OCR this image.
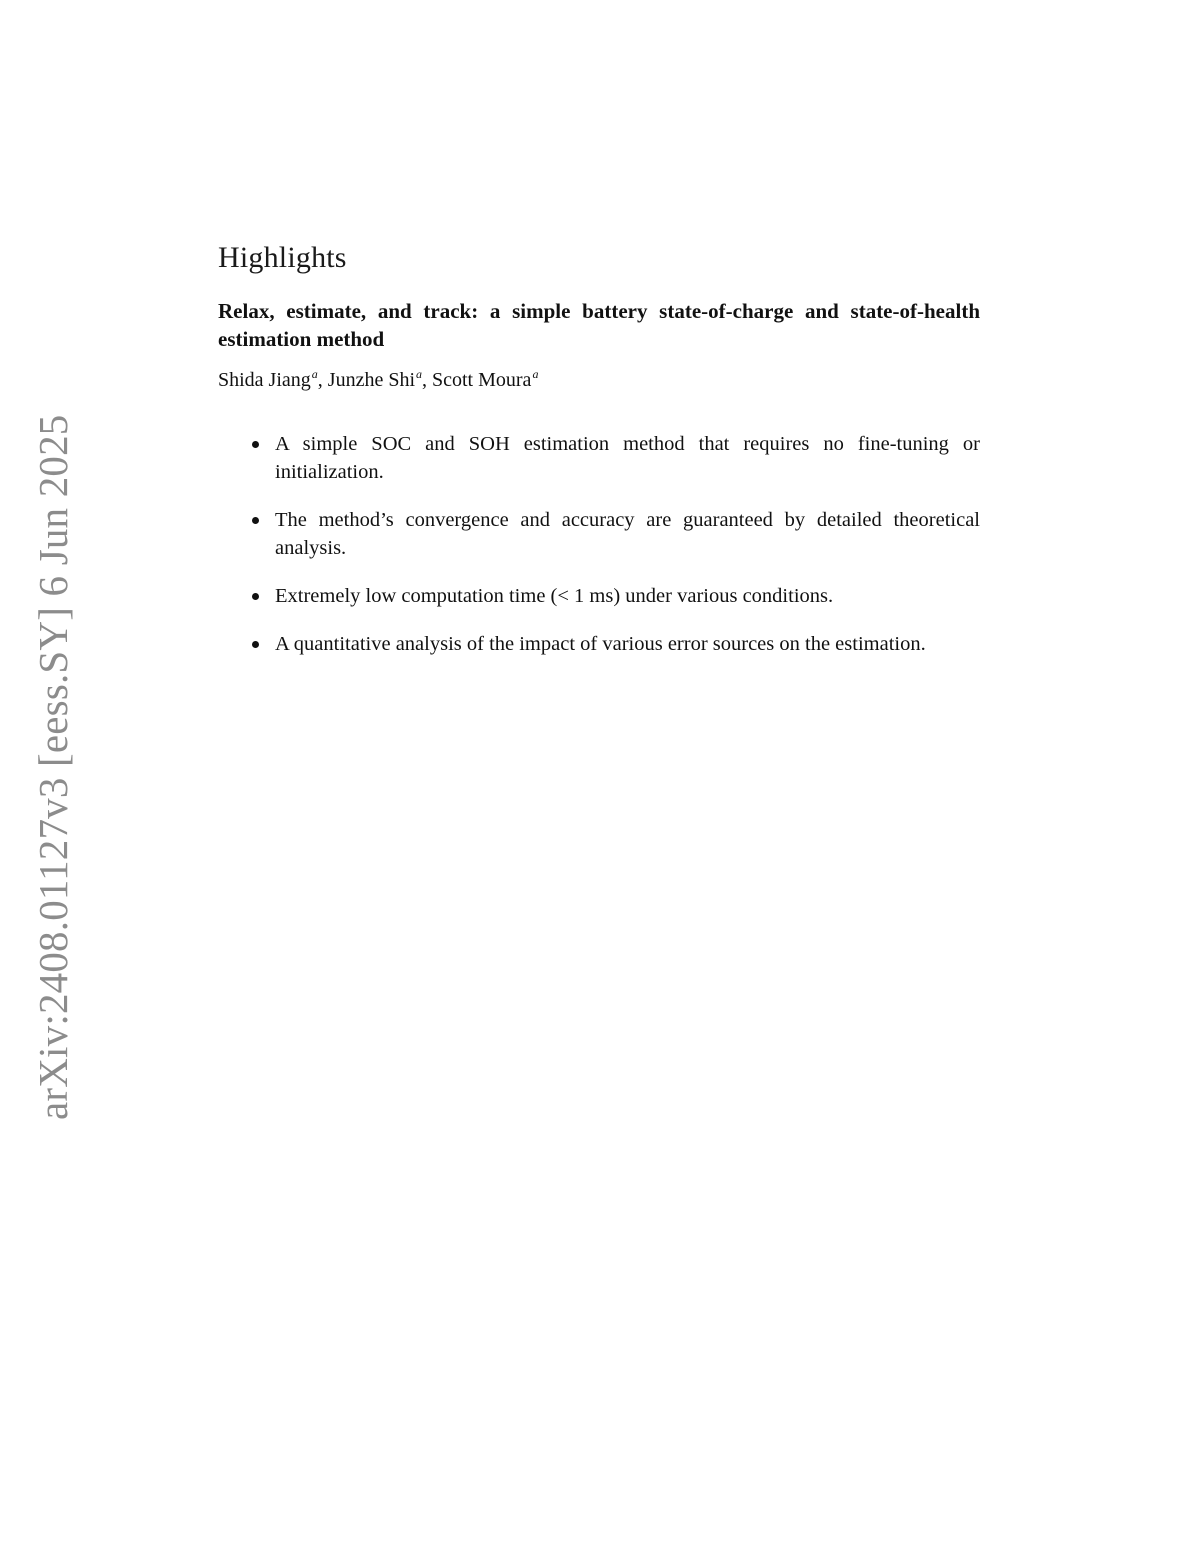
arXiv:2408.01127v3 [eess.SY] 6 Jun 2025
Highlights
Relax, estimate, and track: a simple battery state-of-charge and state-of-health estimation method
Shida Jiang$^a$, Junzhe Shi$^a$, Scott Moura$^a$
A simple SOC and SOH estimation method that requires no fine-tuning or initialization.
The method’s convergence and accuracy are guaranteed by detailed theoretical analysis.
Extremely low computation time (< 1 ms) under various conditions.
A quantitative analysis of the impact of various error sources on the estimation.
